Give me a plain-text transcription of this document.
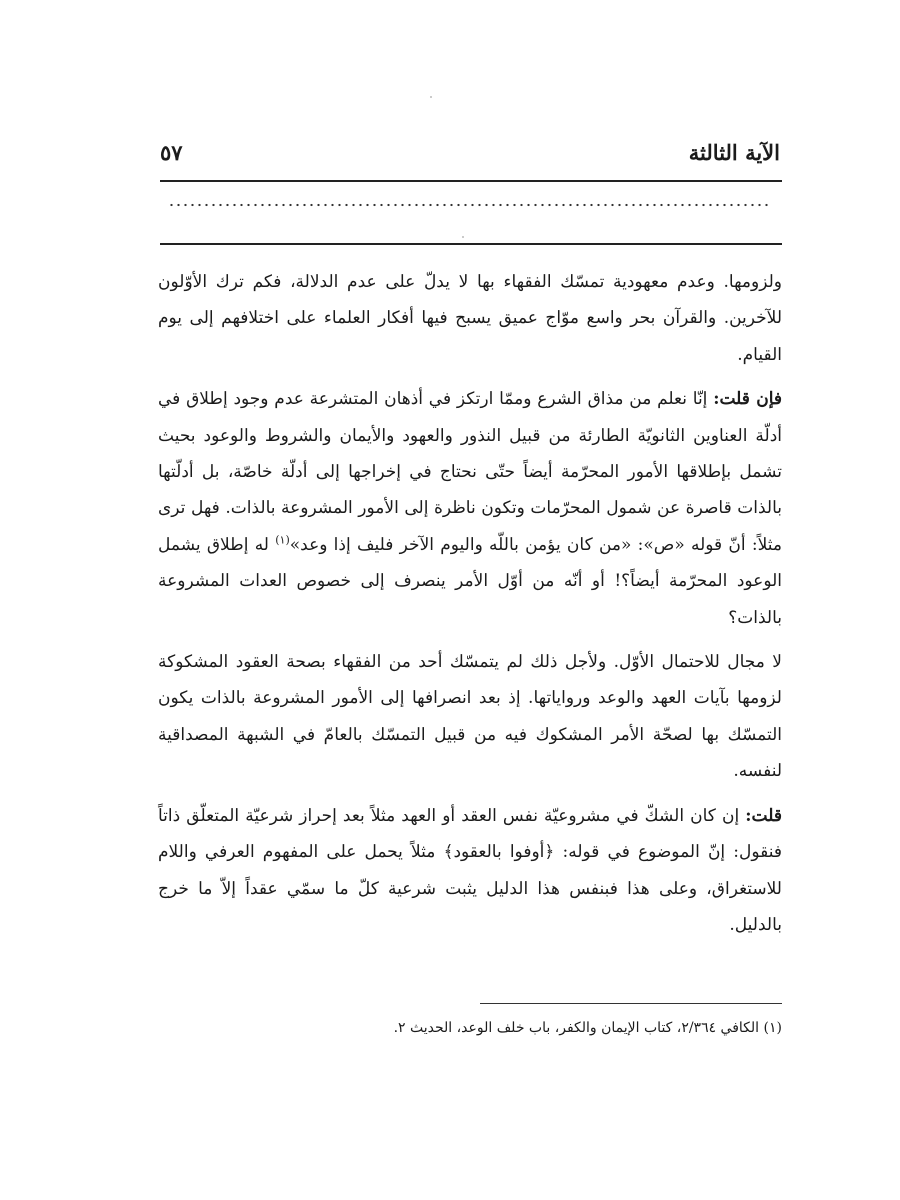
الآية الثالثة
٥٧

ولزومها. وعدم معهودية تمسّك الفقهاء بها لا يدلّ على عدم الدلالة، فكم ترك الأوّلون للآخرين. والقرآن بحر واسع موّاج عميق يسبح فيها أفكار العلماء على اختلافهم إلى يوم القيام.

فإن قلت: إنّا نعلم من مذاق الشرع وممّا ارتكز في أذهان المتشرعة عدم وجود إطلاق في أدلّة العناوين الثانويّة الطارئة من قبيل النذور والعهود والأيمان والشروط والوعود بحيث تشمل بإطلاقها الأمور المحرّمة أيضاً حتّى نحتاج في إخراجها إلى أدلّة خاصّة، بل أدلّتها بالذات قاصرة عن شمول المحرّمات وتكون ناظرة إلى الأمور المشروعة بالذات. فهل ترى مثلاً: أنّ قوله «ص»: «من كان يؤمن باللّه واليوم الآخر فليف إذا وعد»$^{(١)}$ له إطلاق يشمل الوعود المحرّمة أيضاً؟! أو أنّه من أوّل الأمر ينصرف إلى خصوص العدات المشروعة بالذات؟

لا مجال للاحتمال الأوّل. ولأجل ذلك لم يتمسّك أحد من الفقهاء بصحة العقود المشكوكة لزومها بآيات العهد والوعد ورواياتها. إذ بعد انصرافها إلى الأمور المشروعة بالذات يكون التمسّك بها لصحّة الأمر المشكوك فيه من قبيل التمسّك بالعامّ في الشبهة المصداقية لنفسه.

قلت: إن كان الشكّ في مشروعيّة نفس العقد أو العهد مثلاً بعد إحراز شرعيّة المتعلّق ذاتاً فنقول: إنّ الموضوع في قوله: ﴿أوفوا بالعقود﴾ مثلاً يحمل على المفهوم العرفي واللام للاستغراق، وعلى هذا فبنفس هذا الدليل يثبت شرعية كلّ ما سمّي عقداً إلاّ ما خرج بالدليل.

(١) الكافي ٢/٣٦٤، كتاب الإيمان والكفر، باب خلف الوعد، الحديث ٢.
